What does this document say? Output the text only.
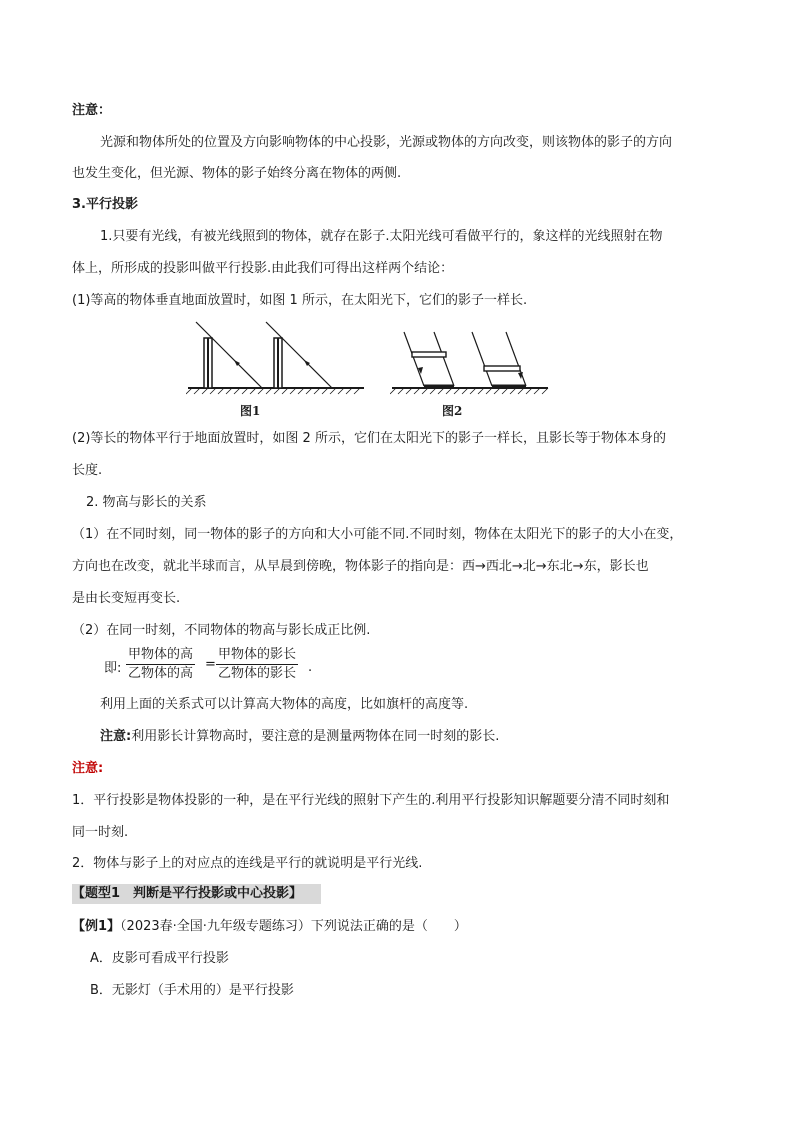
注意：
光源和物体所处的位置及方向影响物体的中心投影，光源或物体的方向改变，则该物体的影子的方向
也发生变化，但光源、物体的影子始终分离在物体的两侧.
3.平行投影
1.只要有光线，有被光线照到的物体，就存在影子.太阳光线可看做平行的，象这样的光线照射在物
体上，所形成的投影叫做平行投影.由此我们可得出这样两个结论：
(1)等高的物体垂直地面放置时，如图 1 所示，在太阳光下，它们的影子一样长.
图1	图2
(2)等长的物体平行于地面放置时，如图 2 所示，它们在太阳光下的影子一样长，且影长等于物体本身的
长度.
2. 物高与影长的关系
（1）在不同时刻，同一物体的影子的方向和大小可能不同.不同时刻，物体在太阳光下的影子的大小在变，
方向也在改变，就北半球而言，从早晨到傍晚，物体影子的指向是：西→西北→北→东北→东，影长也
是由长变短再变长.
（2）在同一时刻，不同物体的物高与影长成正比例.
即:
甲物体的高
乙物体的高
=
甲物体的影长
乙物体的影长 .
利用上面的关系式可以计算高大物体的高度，比如旗杆的高度等.
注意:利用影长计算物高时，要注意的是测量两物体在同一时刻的影长.
注意:
1．平行投影是物体投影的一种，是在平行光线的照射下产生的.利用平行投影知识解题要分清不同时刻和
同一时刻.
2．物体与影子上的对应点的连线是平行的就说明是平行光线.
【题型1　判断是平行投影或中心投影】
【例1】（2023春·全国·九年级专题练习）下列说法正确的是（　　）
A．皮影可看成平行投影
B．无影灯（手术用的）是平行投影
